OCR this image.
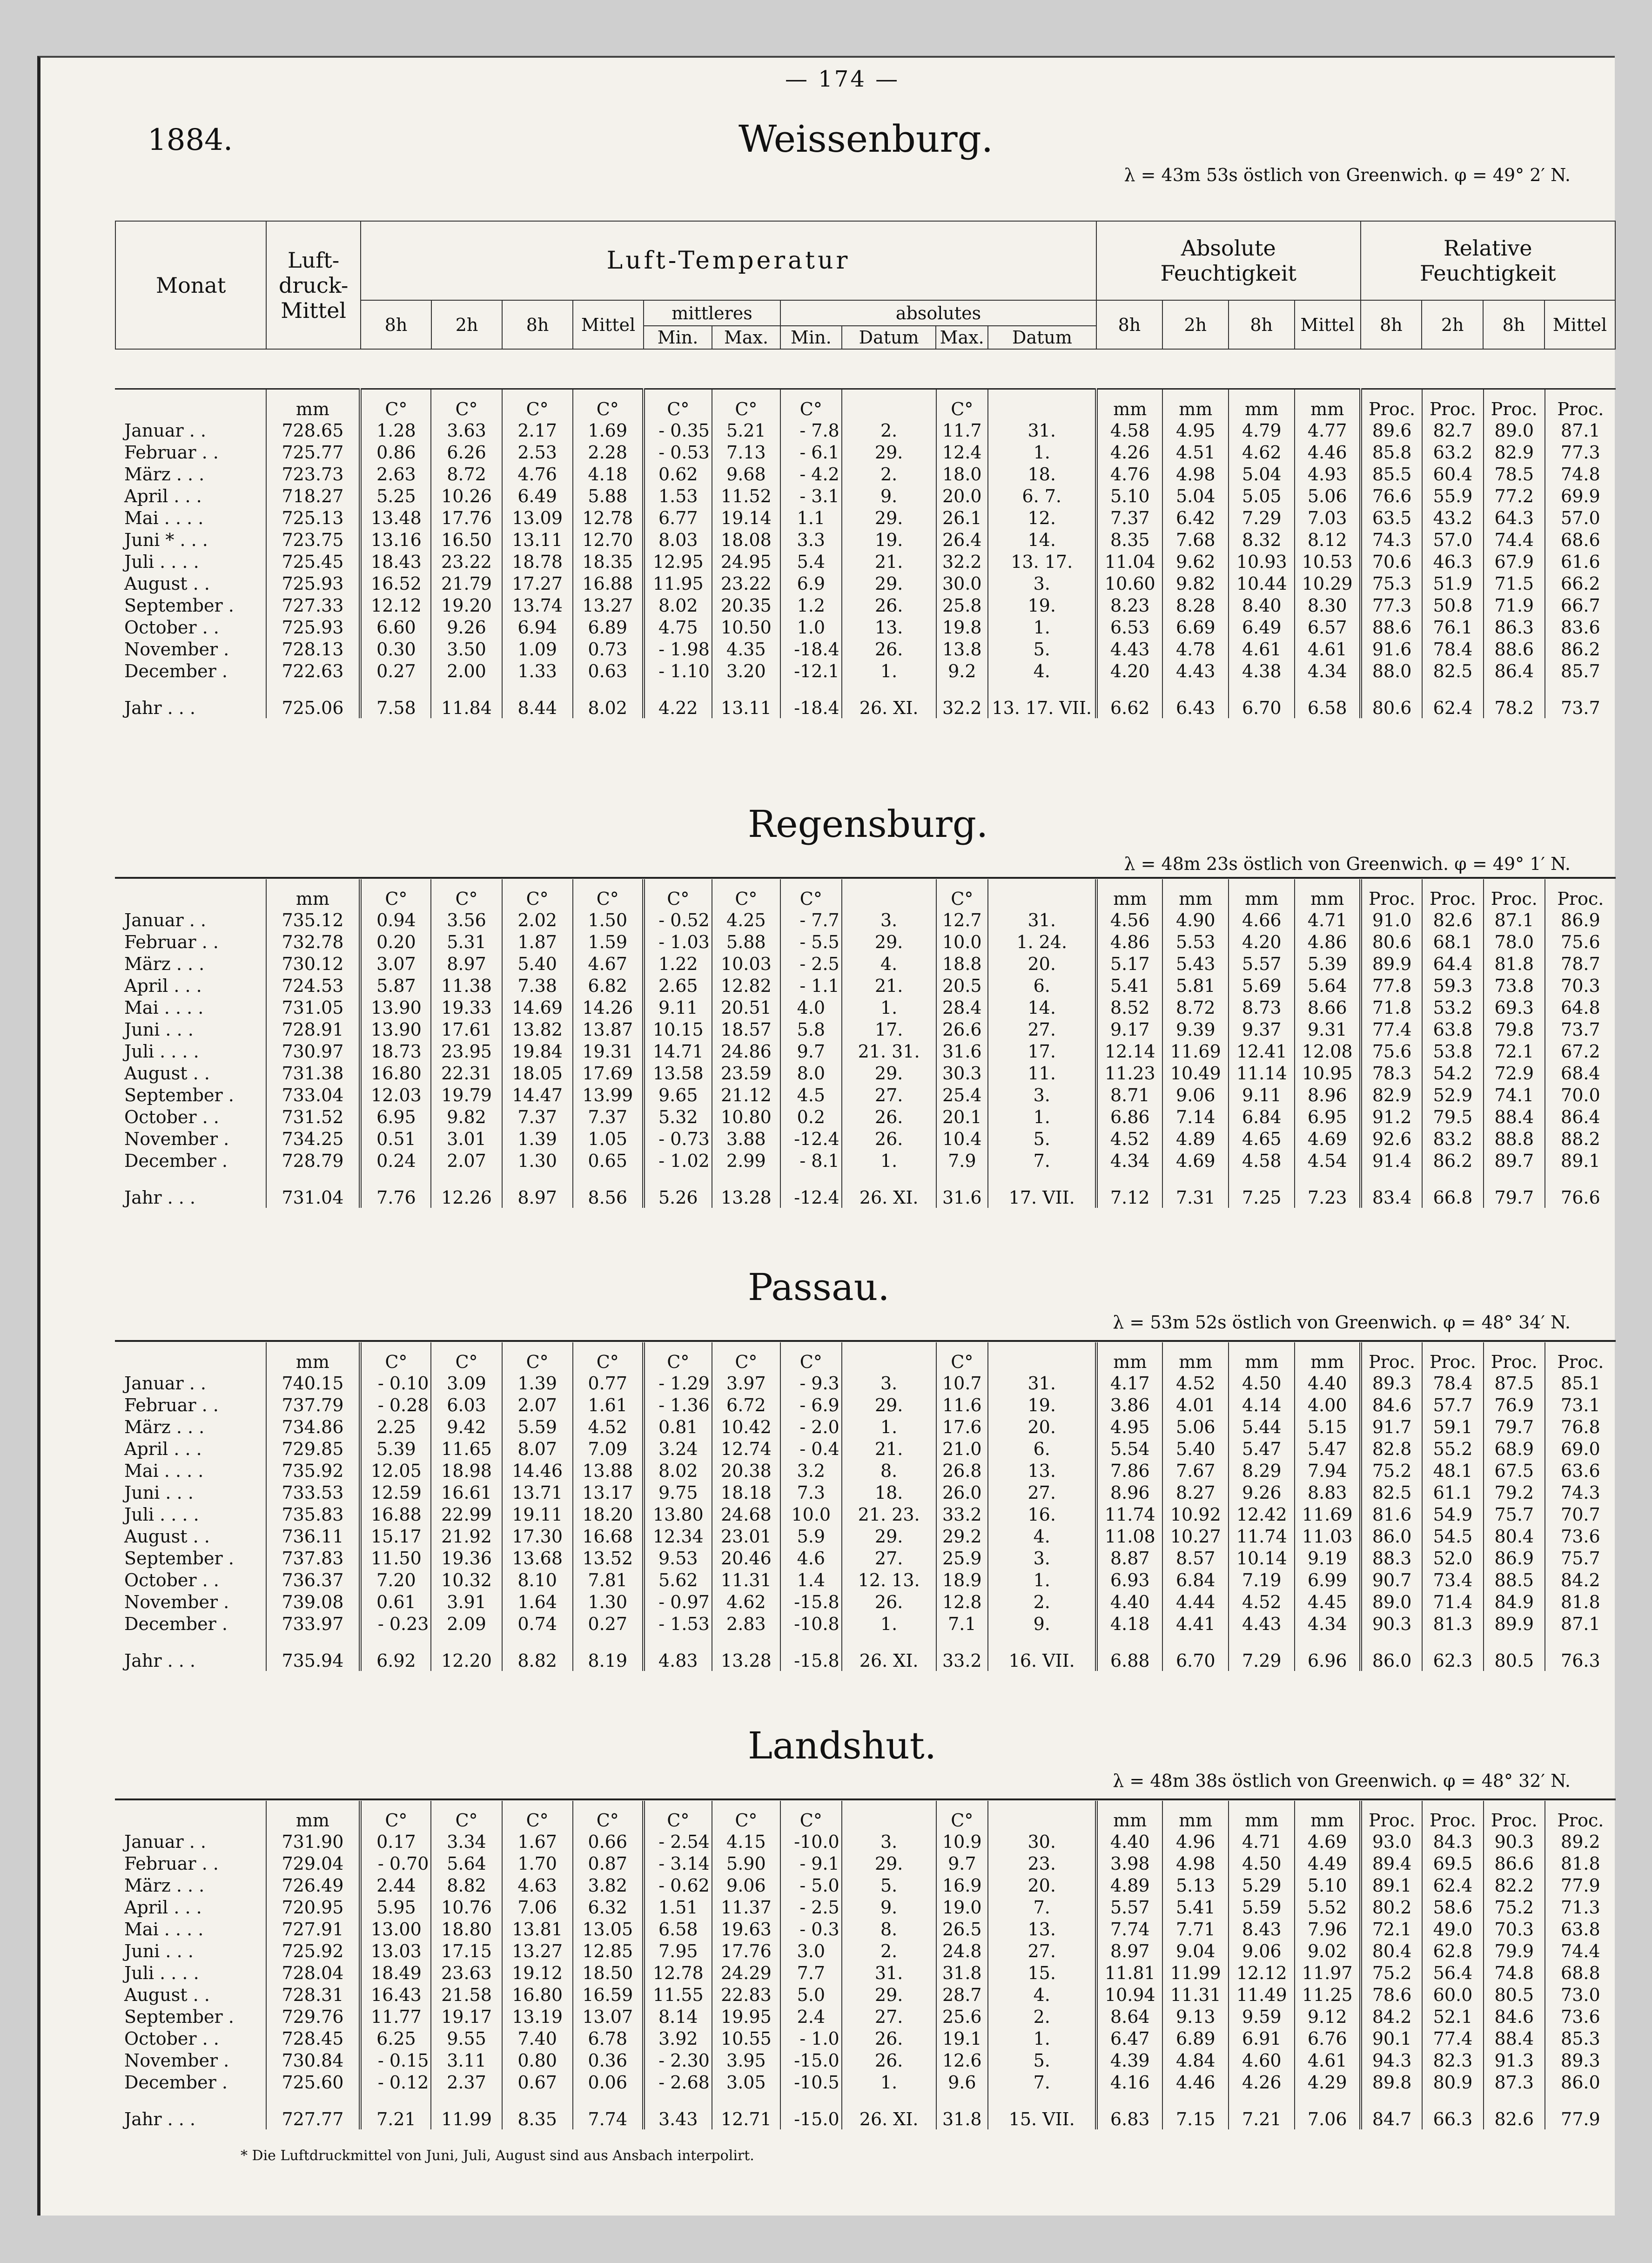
— 174 —
1884.	Weissenburg.
λ = 43m 53s östlich von Greenwich. φ = 49° 2′ N.
Monat	Luft-druck-Mittel	Luft-Temperatur										Absolute Feuchtigkeit				Relative Feuchtigkeit			
		8h	2h	8h	Mittel	mittleres		absolutes				8h	2h	8h	Mittel	8h	2h	8h	Mittel
						Min.	Max.	Min.	Datum	Max.	Datum								
	mm	C°	C°	C°	C°	C°	C°	C°		C°		mm	mm	mm	mm	Proc.	Proc.	Proc.	Proc.
Januar . .	728.65	1.28	3.63	2.17	1.69	- 0.35	5.21	- 7.8	2.	11.7	31.	4.58	4.95	4.79	4.77	89.6	82.7	89.0	87.1
Februar . .	725.77	0.86	6.26	2.53	2.28	- 0.53	7.13	- 6.1	29.	12.4	1.	4.26	4.51	4.62	4.46	85.8	63.2	82.9	77.3
März . . .	723.73	2.63	8.72	4.76	4.18	0.62	9.68	- 4.2	2.	18.0	18.	4.76	4.98	5.04	4.93	85.5	60.4	78.5	74.8
April . . .	718.27	5.25	10.26	6.49	5.88	1.53	11.52	- 3.1	9.	20.0	6. 7.	5.10	5.04	5.05	5.06	76.6	55.9	77.2	69.9
Mai . . . .	725.13	13.48	17.76	13.09	12.78	6.77	19.14	1.1	29.	26.1	12.	7.37	6.42	7.29	7.03	63.5	43.2	64.3	57.0
Juni * . . .	723.75	13.16	16.50	13.11	12.70	8.03	18.08	3.3	19.	26.4	14.	8.35	7.68	8.32	8.12	74.3	57.0	74.4	68.6
Juli . . . .	725.45	18.43	23.22	18.78	18.35	12.95	24.95	5.4	21.	32.2	13. 17.	11.04	9.62	10.93	10.53	70.6	46.3	67.9	61.6
August . .	725.93	16.52	21.79	17.27	16.88	11.95	23.22	6.9	29.	30.0	3.	10.60	9.82	10.44	10.29	75.3	51.9	71.5	66.2
September .	727.33	12.12	19.20	13.74	13.27	8.02	20.35	1.2	26.	25.8	19.	8.23	8.28	8.40	8.30	77.3	50.8	71.9	66.7
October . .	725.93	6.60	9.26	6.94	6.89	4.75	10.50	1.0	13.	19.8	1.	6.53	6.69	6.49	6.57	88.6	76.1	86.3	83.6
November .	728.13	0.30	3.50	1.09	0.73	- 1.98	4.35	-18.4	26.	13.8	5.	4.43	4.78	4.61	4.61	91.6	78.4	88.6	86.2
December .	722.63	0.27	2.00	1.33	0.63	- 1.10	3.20	-12.1	1.	9.2	4.	4.20	4.43	4.38	4.34	88.0	82.5	86.4	85.7
Jahr . . .	725.06	7.58	11.84	8.44	8.02	4.22	13.11	-18.4	26. XI.	32.2	13. 17. VII.	6.62	6.43	6.70	6.58	80.6	62.4	78.2	73.7
Regensburg.
λ = 48m 23s östlich von Greenwich. φ = 49° 1′ N.
	mm	C°	C°	C°	C°	C°	C°	C°		C°		mm	mm	mm	mm	Proc.	Proc.	Proc.	Proc.
Januar . .	735.12	0.94	3.56	2.02	1.50	- 0.52	4.25	- 7.7	3.	12.7	31.	4.56	4.90	4.66	4.71	91.0	82.6	87.1	86.9
Februar . .	732.78	0.20	5.31	1.87	1.59	- 1.03	5.88	- 5.5	29.	10.0	1. 24.	4.86	5.53	4.20	4.86	80.6	68.1	78.0	75.6
März . . .	730.12	3.07	8.97	5.40	4.67	1.22	10.03	- 2.5	4.	18.8	20.	5.17	5.43	5.57	5.39	89.9	64.4	81.8	78.7
April . . .	724.53	5.87	11.38	7.38	6.82	2.65	12.82	- 1.1	21.	20.5	6.	5.41	5.81	5.69	5.64	77.8	59.3	73.8	70.3
Mai . . . .	731.05	13.90	19.33	14.69	14.26	9.11	20.51	4.0	1.	28.4	14.	8.52	8.72	8.73	8.66	71.8	53.2	69.3	64.8
Juni . . .	728.91	13.90	17.61	13.82	13.87	10.15	18.57	5.8	17.	26.6	27.	9.17	9.39	9.37	9.31	77.4	63.8	79.8	73.7
Juli . . . .	730.97	18.73	23.95	19.84	19.31	14.71	24.86	9.7	21. 31.	31.6	17.	12.14	11.69	12.41	12.08	75.6	53.8	72.1	67.2
August . .	731.38	16.80	22.31	18.05	17.69	13.58	23.59	8.0	29.	30.3	11.	11.23	10.49	11.14	10.95	78.3	54.2	72.9	68.4
September .	733.04	12.03	19.79	14.47	13.99	9.65	21.12	4.5	27.	25.4	3.	8.71	9.06	9.11	8.96	82.9	52.9	74.1	70.0
October . .	731.52	6.95	9.82	7.37	7.37	5.32	10.80	0.2	26.	20.1	1.	6.86	7.14	6.84	6.95	91.2	79.5	88.4	86.4
November .	734.25	0.51	3.01	1.39	1.05	- 0.73	3.88	-12.4	26.	10.4	5.	4.52	4.89	4.65	4.69	92.6	83.2	88.8	88.2
December .	728.79	0.24	2.07	1.30	0.65	- 1.02	2.99	- 8.1	1.	7.9	7.	4.34	4.69	4.58	4.54	91.4	86.2	89.7	89.1
Jahr . . .	731.04	7.76	12.26	8.97	8.56	5.26	13.28	-12.4	26. XI.	31.6	17. VII.	7.12	7.31	7.25	7.23	83.4	66.8	79.7	76.6
Passau.
λ = 53m 52s östlich von Greenwich. φ = 48° 34′ N.
	mm	C°	C°	C°	C°	C°	C°	C°		C°		mm	mm	mm	mm	Proc.	Proc.	Proc.	Proc.
Januar . .	740.15	- 0.10	3.09	1.39	0.77	- 1.29	3.97	- 9.3	3.	10.7	31.	4.17	4.52	4.50	4.40	89.3	78.4	87.5	85.1
Februar . .	737.79	- 0.28	6.03	2.07	1.61	- 1.36	6.72	- 6.9	29.	11.6	19.	3.86	4.01	4.14	4.00	84.6	57.7	76.9	73.1
März . . .	734.86	2.25	9.42	5.59	4.52	0.81	10.42	- 2.0	1.	17.6	20.	4.95	5.06	5.44	5.15	91.7	59.1	79.7	76.8
April . . .	729.85	5.39	11.65	8.07	7.09	3.24	12.74	- 0.4	21.	21.0	6.	5.54	5.40	5.47	5.47	82.8	55.2	68.9	69.0
Mai . . . .	735.92	12.05	18.98	14.46	13.88	8.02	20.38	3.2	8.	26.8	13.	7.86	7.67	8.29	7.94	75.2	48.1	67.5	63.6
Juni . . .	733.53	12.59	16.61	13.71	13.17	9.75	18.18	7.3	18.	26.0	27.	8.96	8.27	9.26	8.83	82.5	61.1	79.2	74.3
Juli . . . .	735.83	16.88	22.99	19.11	18.20	13.80	24.68	10.0	21. 23.	33.2	16.	11.74	10.92	12.42	11.69	81.6	54.9	75.7	70.7
August . .	736.11	15.17	21.92	17.30	16.68	12.34	23.01	5.9	29.	29.2	4.	11.08	10.27	11.74	11.03	86.0	54.5	80.4	73.6
September .	737.83	11.50	19.36	13.68	13.52	9.53	20.46	4.6	27.	25.9	3.	8.87	8.57	10.14	9.19	88.3	52.0	86.9	75.7
October . .	736.37	7.20	10.32	8.10	7.81	5.62	11.31	1.4	12. 13.	18.9	1.	6.93	6.84	7.19	6.99	90.7	73.4	88.5	84.2
November .	739.08	0.61	3.91	1.64	1.30	- 0.97	4.62	-15.8	26.	12.8	2.	4.40	4.44	4.52	4.45	89.0	71.4	84.9	81.8
December .	733.97	- 0.23	2.09	0.74	0.27	- 1.53	2.83	-10.8	1.	7.1	9.	4.18	4.41	4.43	4.34	90.3	81.3	89.9	87.1
Jahr . . .	735.94	6.92	12.20	8.82	8.19	4.83	13.28	-15.8	26. XI.	33.2	16. VII.	6.88	6.70	7.29	6.96	86.0	62.3	80.5	76.3
Landshut.
λ = 48m 38s östlich von Greenwich. φ = 48° 32′ N.
	mm	C°	C°	C°	C°	C°	C°	C°		C°		mm	mm	mm	mm	Proc.	Proc.	Proc.	Proc.
Januar . .	731.90	0.17	3.34	1.67	0.66	- 2.54	4.15	-10.0	3.	10.9	30.	4.40	4.96	4.71	4.69	93.0	84.3	90.3	89.2
Februar . .	729.04	- 0.70	5.64	1.70	0.87	- 3.14	5.90	- 9.1	29.	9.7	23.	3.98	4.98	4.50	4.49	89.4	69.5	86.6	81.8
März . . .	726.49	2.44	8.82	4.63	3.82	- 0.62	9.06	- 5.0	5.	16.9	20.	4.89	5.13	5.29	5.10	89.1	62.4	82.2	77.9
April . . .	720.95	5.95	10.76	7.06	6.32	1.51	11.37	- 2.5	9.	19.0	7.	5.57	5.41	5.59	5.52	80.2	58.6	75.2	71.3
Mai . . . .	727.91	13.00	18.80	13.81	13.05	6.58	19.63	- 0.3	8.	26.5	13.	7.74	7.71	8.43	7.96	72.1	49.0	70.3	63.8
Juni . . .	725.92	13.03	17.15	13.27	12.85	7.95	17.76	3.0	2.	24.8	27.	8.97	9.04	9.06	9.02	80.4	62.8	79.9	74.4
Juli . . . .	728.04	18.49	23.63	19.12	18.50	12.78	24.29	7.7	31.	31.8	15.	11.81	11.99	12.12	11.97	75.2	56.4	74.8	68.8
August . .	728.31	16.43	21.58	16.80	16.59	11.55	22.83	5.0	29.	28.7	4.	10.94	11.31	11.49	11.25	78.6	60.0	80.5	73.0
September .	729.76	11.77	19.17	13.19	13.07	8.14	19.95	2.4	27.	25.6	2.	8.64	9.13	9.59	9.12	84.2	52.1	84.6	73.6
October . .	728.45	6.25	9.55	7.40	6.78	3.92	10.55	- 1.0	26.	19.1	1.	6.47	6.89	6.91	6.76	90.1	77.4	88.4	85.3
November .	730.84	- 0.15	3.11	0.80	0.36	- 2.30	3.95	-15.0	26.	12.6	5.	4.39	4.84	4.60	4.61	94.3	82.3	91.3	89.3
December .	725.60	- 0.12	2.37	0.67	0.06	- 2.68	3.05	-10.5	1.	9.6	7.	4.16	4.46	4.26	4.29	89.8	80.9	87.3	86.0
Jahr . . .	727.77	7.21	11.99	8.35	7.74	3.43	12.71	-15.0	26. XI.	31.8	15. VII.	6.83	7.15	7.21	7.06	84.7	66.3	82.6	77.9
* Die Luftdruckmittel von Juni, Juli, August sind aus Ansbach interpolirt.
